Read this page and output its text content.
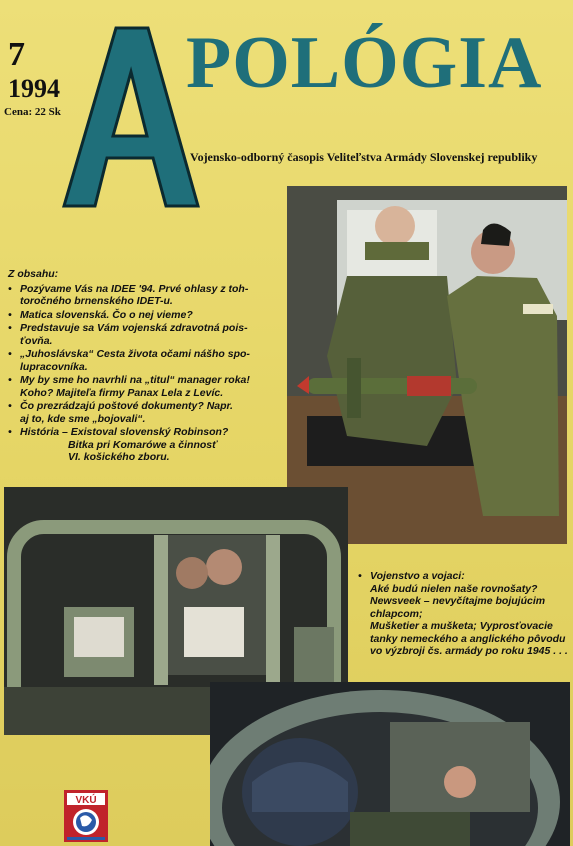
7
1994
Cena: 22 Sk
POLÓGIA
Vojensko-odborný časopis Veliteľstva Armády Slovenskej republiky
Z obsahu:
• Pozývame Vás na IDEE '94. Prvé ohlasy z toh-
toročného brnenského IDET-u.
• Matica slovenská. Čo o nej vieme?
• Predstavuje sa Vám vojenská zdravotná pois-
ťovňa.
• „Juhoslávska“ Cesta života očami nášho spo-
lupracovníka.
• My by sme ho navrhli na „titul“ manager roka!
Koho? Majiteľa firmy Panax Lela z Levíc.
• Čo prezrádzajú poštové dokumenty? Napr.
aj to, kde sme „bojovali“.
• História – Existoval slovenský Robinson?
Bitka pri Komarówe a činnosť
VI. košického zboru.
• Vojenstvo a vojaci:
Aké budú nielen naše rovnošaty?
Newsveek – nevyčítajme bojujúcim
chlapcom;
Mušketier a mušketa; Vyprosťovacie
tanky nemeckého a anglického pôvodu
vo výzbroji čs. armády po roku 1945 . . .
VKÚ
